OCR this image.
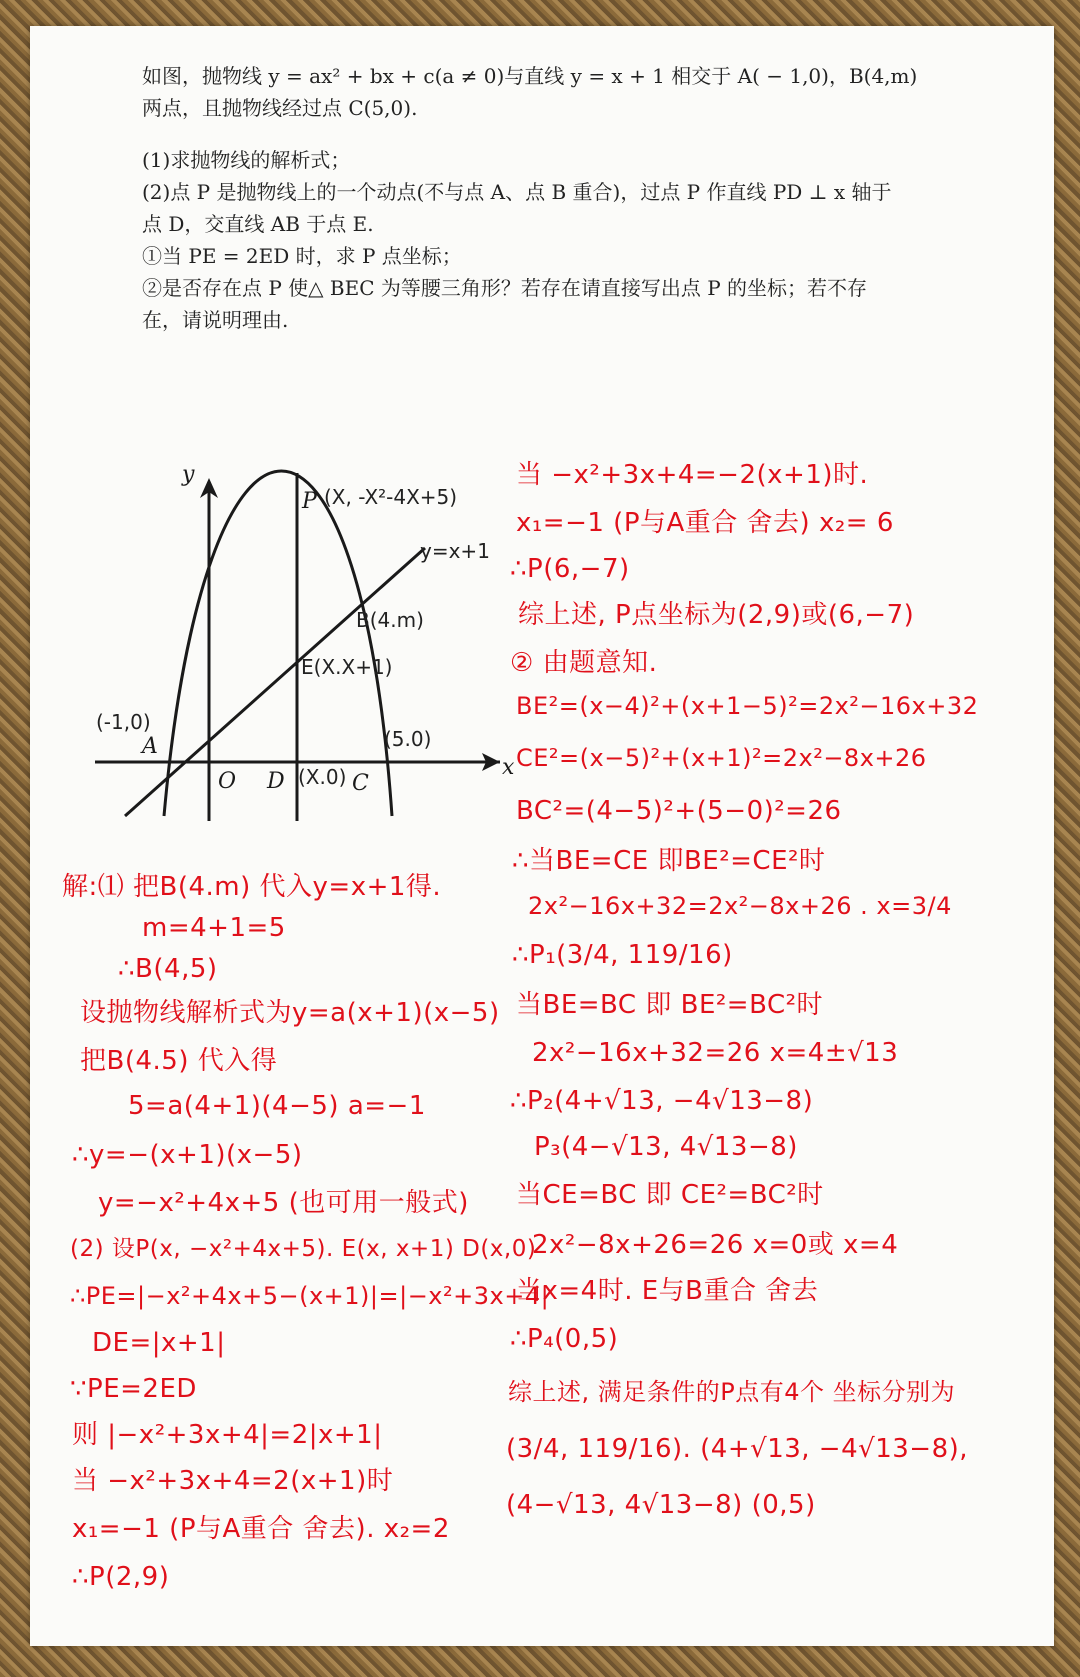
如图，抛物线 y = ax² + bx + c(a ≠ 0)与直线 y = x + 1 相交于 A( − 1,0)，B(4,m)
两点，且抛物线经过点 C(5,0).
(1)求抛物线的解析式；
(2)点 P 是抛物线上的一个动点(不与点 A、点 B 重合)，过点 P 作直线 PD ⊥ x 轴于
点 D，交直线 AB 于点 E.
①当 PE = 2ED 时，求 P 点坐标；
②是否存在点 P 使△ BEC 为等腰三角形？若存在请直接写出点 P 的坐标；若不存
在，请说明理由.
y
x
O
P (X, -X²-4X+5)
y=x+1
B(4.m)
E(X.X+1)
(-1,0)
A	(5.0)
D (X.0) C
解:⑴ 把B(4.m) 代入y=x+1得.
m=4+1=5
∴B(4,5)
设抛物线解析式为y=a(x+1)(x−5)
把B(4.5) 代入得
5=a(4+1)(4−5) a=−1
∴y=−(x+1)(x−5)
y=−x²+4x+5 (也可用一般式)
(2) 设P(x, −x²+4x+5). E(x, x+1) D(x,0)
∴PE=|−x²+4x+5−(x+1)|=|−x²+3x+4|
DE=|x+1|
∵PE=2ED
则 |−x²+3x+4|=2|x+1|
当 −x²+3x+4=2(x+1)时
x₁=−1 (P与A重合 舍去). x₂=2
∴P(2,9)
当 −x²+3x+4=−2(x+1)时.
x₁=−1 (P与A重合 舍去) x₂= 6
∴P(6,−7)
综上述, P点坐标为(2,9)或(6,−7)
② 由题意知.
BE²=(x−4)²+(x+1−5)²=2x²−16x+32
CE²=(x−5)²+(x+1)²=2x²−8x+26
BC²=(4−5)²+(5−0)²=26
∴当BE=CE 即BE²=CE²时
2x²−16x+32=2x²−8x+26 . x=3/4
∴P₁(3/4, 119/16)
当BE=BC 即 BE²=BC²时
2x²−16x+32=26 x=4±√13
∴P₂(4+√13, −4√13−8)
P₃(4−√13, 4√13−8)
当CE=BC 即 CE²=BC²时
2x²−8x+26=26 x=0或 x=4
当x=4时. E与B重合 舍去
∴P₄(0,5)
综上述, 满足条件的P点有4个 坐标分别为
(3/4, 119/16). (4+√13, −4√13−8),
(4−√13, 4√13−8) (0,5)
